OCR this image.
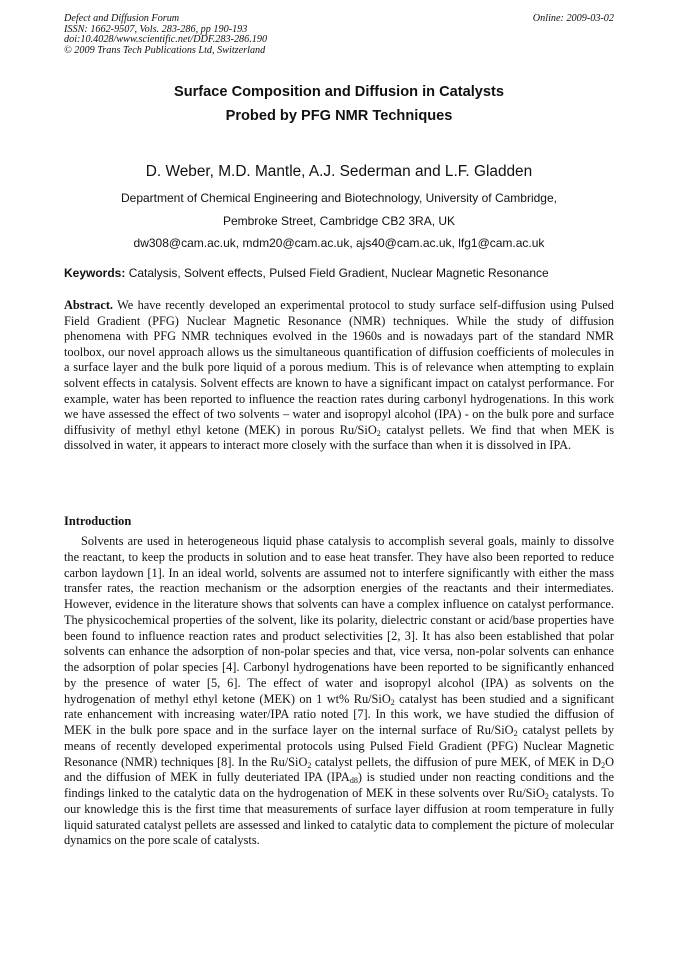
Defect and Diffusion Forum
ISSN: 1662-9507, Vols. 283-286, pp 190-193
doi:10.4028/www.scientific.net/DDF.283-286.190
© 2009 Trans Tech Publications Ltd, Switzerland
Online: 2009-03-02
Surface Composition and Diffusion in Catalysts
Probed by PFG NMR Techniques
D. Weber, M.D. Mantle, A.J. Sederman and L.F. Gladden
Department of Chemical Engineering and Biotechnology, University of Cambridge,
Pembroke Street, Cambridge CB2 3RA, UK
dw308@cam.ac.uk, mdm20@cam.ac.uk, ajs40@cam.ac.uk, lfg1@cam.ac.uk
Keywords: Catalysis, Solvent effects, Pulsed Field Gradient, Nuclear Magnetic Resonance
Abstract. We have recently developed an experimental protocol to study surface self-diffusion using Pulsed Field Gradient (PFG) Nuclear Magnetic Resonance (NMR) techniques. While the study of diffusion phenomena with PFG NMR techniques evolved in the 1960s and is nowadays part of the standard NMR toolbox, our novel approach allows us the simultaneous quantification of diffusion coefficients of molecules in a surface layer and the bulk pore liquid of a porous medium. This is of relevance when attempting to explain solvent effects in catalysis. Solvent effects are known to have a significant impact on catalyst performance. For example, water has been reported to influence the reaction rates during carbonyl hydrogenations. In this work we have assessed the effect of two solvents – water and isopropyl alcohol (IPA) - on the bulk pore and surface diffusivity of methyl ethyl ketone (MEK) in porous Ru/SiO$_2$ catalyst pellets. We find that when MEK is dissolved in water, it appears to interact more closely with the surface than when it is dissolved in IPA.
Introduction
Solvents are used in heterogeneous liquid phase catalysis to accomplish several goals, mainly to dissolve the reactant, to keep the products in solution and to ease heat transfer. They have also been reported to reduce carbon laydown [1]. In an ideal world, solvents are assumed not to interfere significantly with either the mass transfer rates, the reaction mechanism or the adsorption energies of the reactants and their intermediates. However, evidence in the literature shows that solvents can have a complex influence on catalyst performance. The physicochemical properties of the solvent, like its polarity, dielectric constant or acid/base properties have been found to influence reaction rates and product selectivities [2, 3]. It has also been established that polar solvents can enhance the adsorption of non-polar species and that, vice versa, non-polar solvents can enhance the adsorption of polar species [4]. Carbonyl hydrogenations have been reported to be significantly enhanced by the presence of water [5, 6]. The effect of water and isopropyl alcohol (IPA) as solvents on the hydrogenation of methyl ethyl ketone (MEK) on 1 wt% Ru/SiO$_2$ catalyst has been studied and a significant rate enhancement with increasing water/IPA ratio noted [7]. In this work, we have studied the diffusion of MEK in the bulk pore space and in the surface layer on the internal surface of Ru/SiO$_2$ catalyst pellets by means of recently developed experimental protocols using Pulsed Field Gradient (PFG) Nuclear Magnetic Resonance (NMR) techniques [8]. In the Ru/SiO$_2$ catalyst pellets, the diffusion of pure MEK, of MEK in $D_2O$ and the diffusion of MEK in fully deuteriated IPA $(IPA_{d8})$ is studied under non reacting conditions and the findings linked to the catalytic data on the hydrogenation of MEK in these solvents over Ru/SiO$_2$ catalysts. To our knowledge this is the first time that measurements of surface layer diffusion at room temperature in fully liquid saturated catalyst pellets are assessed and linked to catalytic data to complement the picture of molecular dynamics on the pore scale of catalysts.
